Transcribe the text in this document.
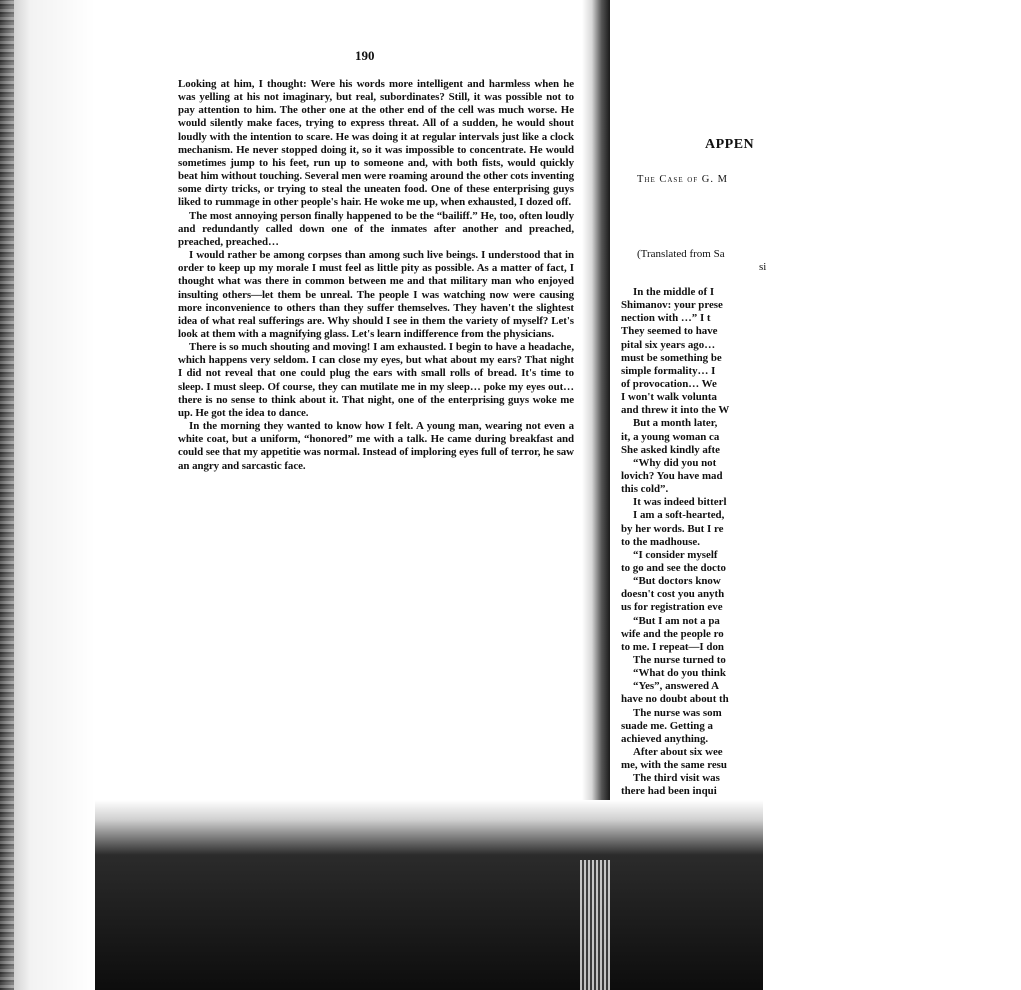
190

Looking at him, I thought: Were his words more intelligent and harmless when he was yelling at his not imaginary, but real, subordinates? Still, it was possible not to pay attention to him. The other one at the other end of the cell was much worse. He would silently make faces, trying to express threat. All of a sudden, he would shout loudly with the intention to scare. He was doing it at regular intervals just like a clock mechanism. He never stopped doing it, so it was impossible to concentrate. He would sometimes jump to his feet, run up to someone and, with both fists, would quickly beat him without touching. Several men were roaming around the other cots inventing some dirty tricks, or trying to steal the uneaten food. One of these enterprising guys liked to rummage in other people's hair. He woke me up, when exhausted, I dozed off.

The most annoying person finally happened to be the “bailiff.” He, too, often loudly and redundantly called down one of the inmates after another and preached, preached, preached…

I would rather be among corpses than among such live beings. I understood that in order to keep up my morale I must feel as little pity as possible. As a matter of fact, I thought what was there in common between me and that military man who enjoyed insulting others—let them be unreal. The people I was watching now were causing more inconvenience to others than they suffer themselves. They haven't the slightest idea of what real sufferings are. Why should I see in them the variety of myself? Let's look at them with a magnifying glass. Let's learn indifference from the physicians.

There is so much shouting and moving! I am exhausted. I begin to have a headache, which happens very seldom. I can close my eyes, but what about my ears? That night I did not reveal that one could plug the ears with small rolls of bread. It's time to sleep. I must sleep. Of course, they can mutilate me in my sleep… poke my eyes out… there is no sense to think about it. That night, one of the enterprising guys woke me up. He got the idea to dance.

In the morning they wanted to know how I felt. A young man, wearing not even a white coat, but a uniform, “honored” me with a talk. He came during breakfast and could see that my appetitie was normal. Instead of imploring eyes full of terror, he saw an angry and sarcastic face.

APPEN
The Case of G. M
(Translated from Sa
si
In the middle of I
Shimanov: your prese
nection with …” I t
They seemed to have
pital six years ago…
must be something be
simple formality… I
of provocation… We
I won't walk volunta
and threw it into the W
But a month later,
it, a young woman ca
She asked kindly afte
“Why did you not
lovich? You have mad
this cold”.
It was indeed bitterl
I am a soft-hearted,
by her words. But I re
to the madhouse.
“I consider myself
to go and see the docto
“But doctors know
doesn't cost you anyth
us for registration eve
“But I am not a pa
wife and the people ro
to me. I repeat—I don
The nurse turned to
“What do you think
“Yes”, answered A
have no doubt about th
The nurse was som
suade me. Getting a
achieved anything.
After about six wee
me, with the same resu
The third visit was
there had been inqui
